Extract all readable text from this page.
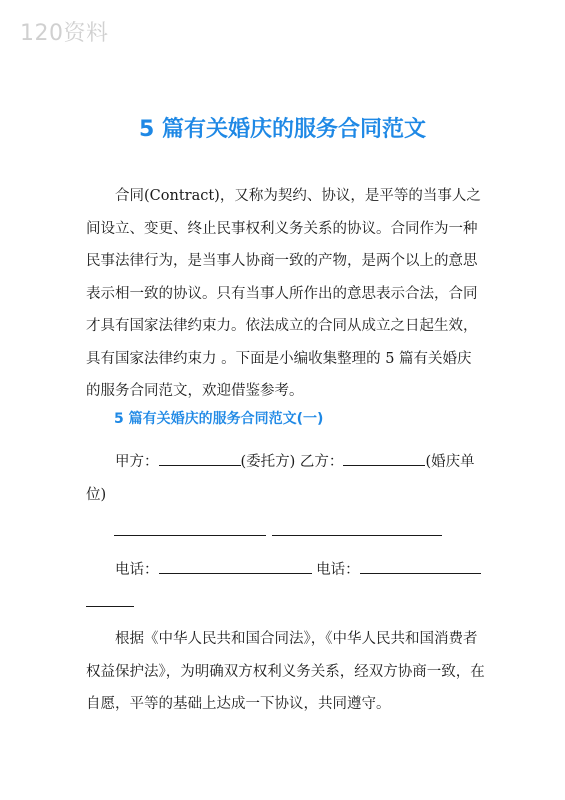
120资料
5 篇有关婚庆的服务合同范文

合同(Contract)，又称为契约、协议，是平等的当事人之间设立、变更、终止民事权利义务关系的协议。合同作为一种民事法律行为，是当事人协商一致的产物，是两个以上的意思表示相一致的协议。只有当事人所作出的意思表示合法，合同才具有国家法律约束力。依法成立的合同从成立之日起生效，具有国家法律约束力 。下面是小编收集整理的 5 篇有关婚庆的服务合同范文，欢迎借鉴参考。

5 篇有关婚庆的服务合同范文(一)

甲方：	(委托方) 乙方：	(婚庆单位)

电话：	电话：

根据《中华人民共和国合同法》，《中华人民共和国消费者权益保护法》，为明确双方权利义务关系，经双方协商一致，在自愿，平等的基础上达成一下协议，共同遵守。
